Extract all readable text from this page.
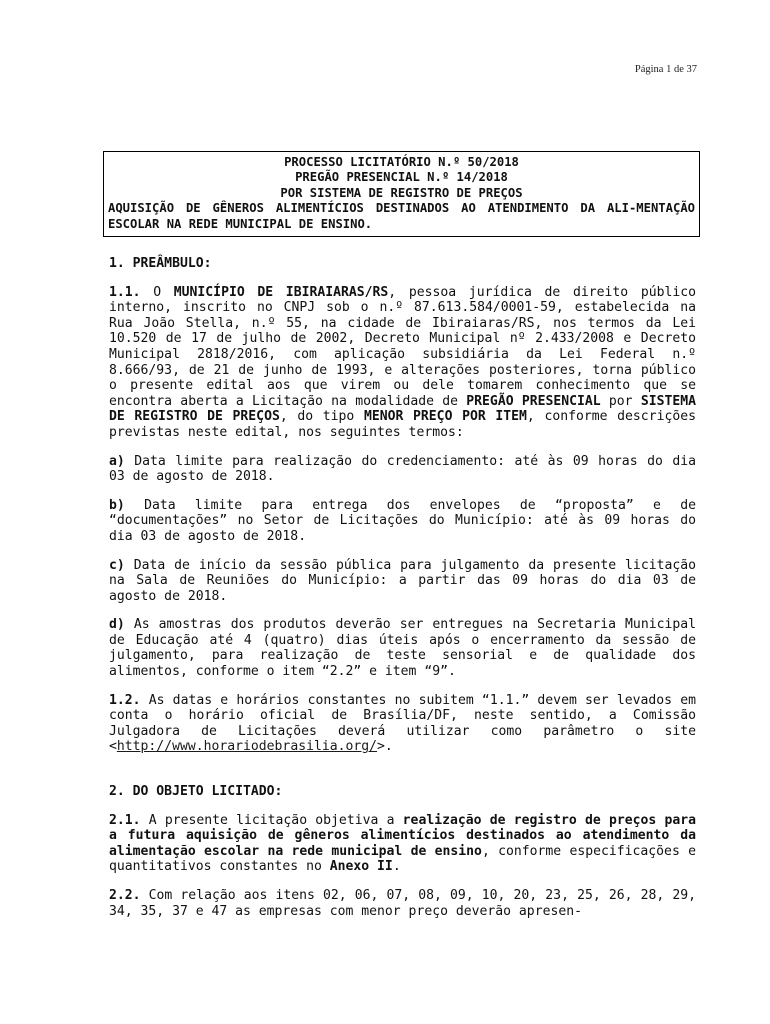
Página 1 de 37
PROCESSO LICITATÓRIO N.º 50/2018
PREGÃO PRESENCIAL N.º 14/2018
POR SISTEMA DE REGISTRO DE PREÇOS
AQUISIÇÃO DE GÊNEROS ALIMENTÍCIOS DESTINADOS AO ATENDIMENTO DA ALI-MENTAÇÃO ESCOLAR NA REDE MUNICIPAL DE ENSINO.
1. PREÂMBULO:

1.1. O MUNICÍPIO DE IBIRAIARAS/RS, pessoa jurídica de direito público interno, inscrito no CNPJ sob o n.º 87.613.584/0001-59, estabelecida na Rua João Stella, n.º 55, na cidade de Ibiraiaras/RS, nos termos da Lei 10.520 de 17 de julho de 2002, Decreto Municipal nº 2.433/2008 e Decreto Municipal 2818/2016, com aplicação subsidiária da Lei Federal n.º 8.666/93, de 21 de junho de 1993, e alterações posteriores, torna público o presente edital aos que virem ou dele tomarem conhecimento que se encontra aberta a Licitação na modalidade de PREGÃO PRESENCIAL por SISTEMA DE REGISTRO DE PREÇOS, do tipo MENOR PREÇO POR ITEM, conforme descrições previstas neste edital, nos seguintes termos:

a) Data limite para realização do credenciamento: até às 09 horas do dia 03 de agosto de 2018.

b) Data limite para entrega dos envelopes de “proposta” e de “documentações” no Setor de Licitações do Município: até às 09 horas do dia 03 de agosto de 2018.

c) Data de início da sessão pública para julgamento da presente licitação na Sala de Reuniões do Município: a partir das 09 horas do dia 03 de agosto de 2018.

d) As amostras dos produtos deverão ser entregues na Secretaria Municipal de Educação até 4 (quatro) dias úteis após o encerramento da sessão de julgamento, para realização de teste sensorial e de qualidade dos alimentos, conforme o item “2.2” e item “9”.

1.2. As datas e horários constantes no subitem “1.1.” devem ser levados em conta o horário oficial de Brasília/DF, neste sentido, a Comissão Julgadora de Licitações deverá utilizar como parâmetro o site <http://www.horariodebrasilia.org/>.

2. DO OBJETO LICITADO:

2.1. A presente licitação objetiva a realização de registro de preços para a futura aquisição de gêneros alimentícios destinados ao atendimento da alimentação escolar na rede municipal de ensino, conforme especificações e quantitativos constantes no Anexo II.

2.2. Com relação aos itens 02, 06, 07, 08, 09, 10, 20, 23, 25, 26, 28, 29, 34, 35, 37 e 47 as empresas com menor preço deverão apresen-
